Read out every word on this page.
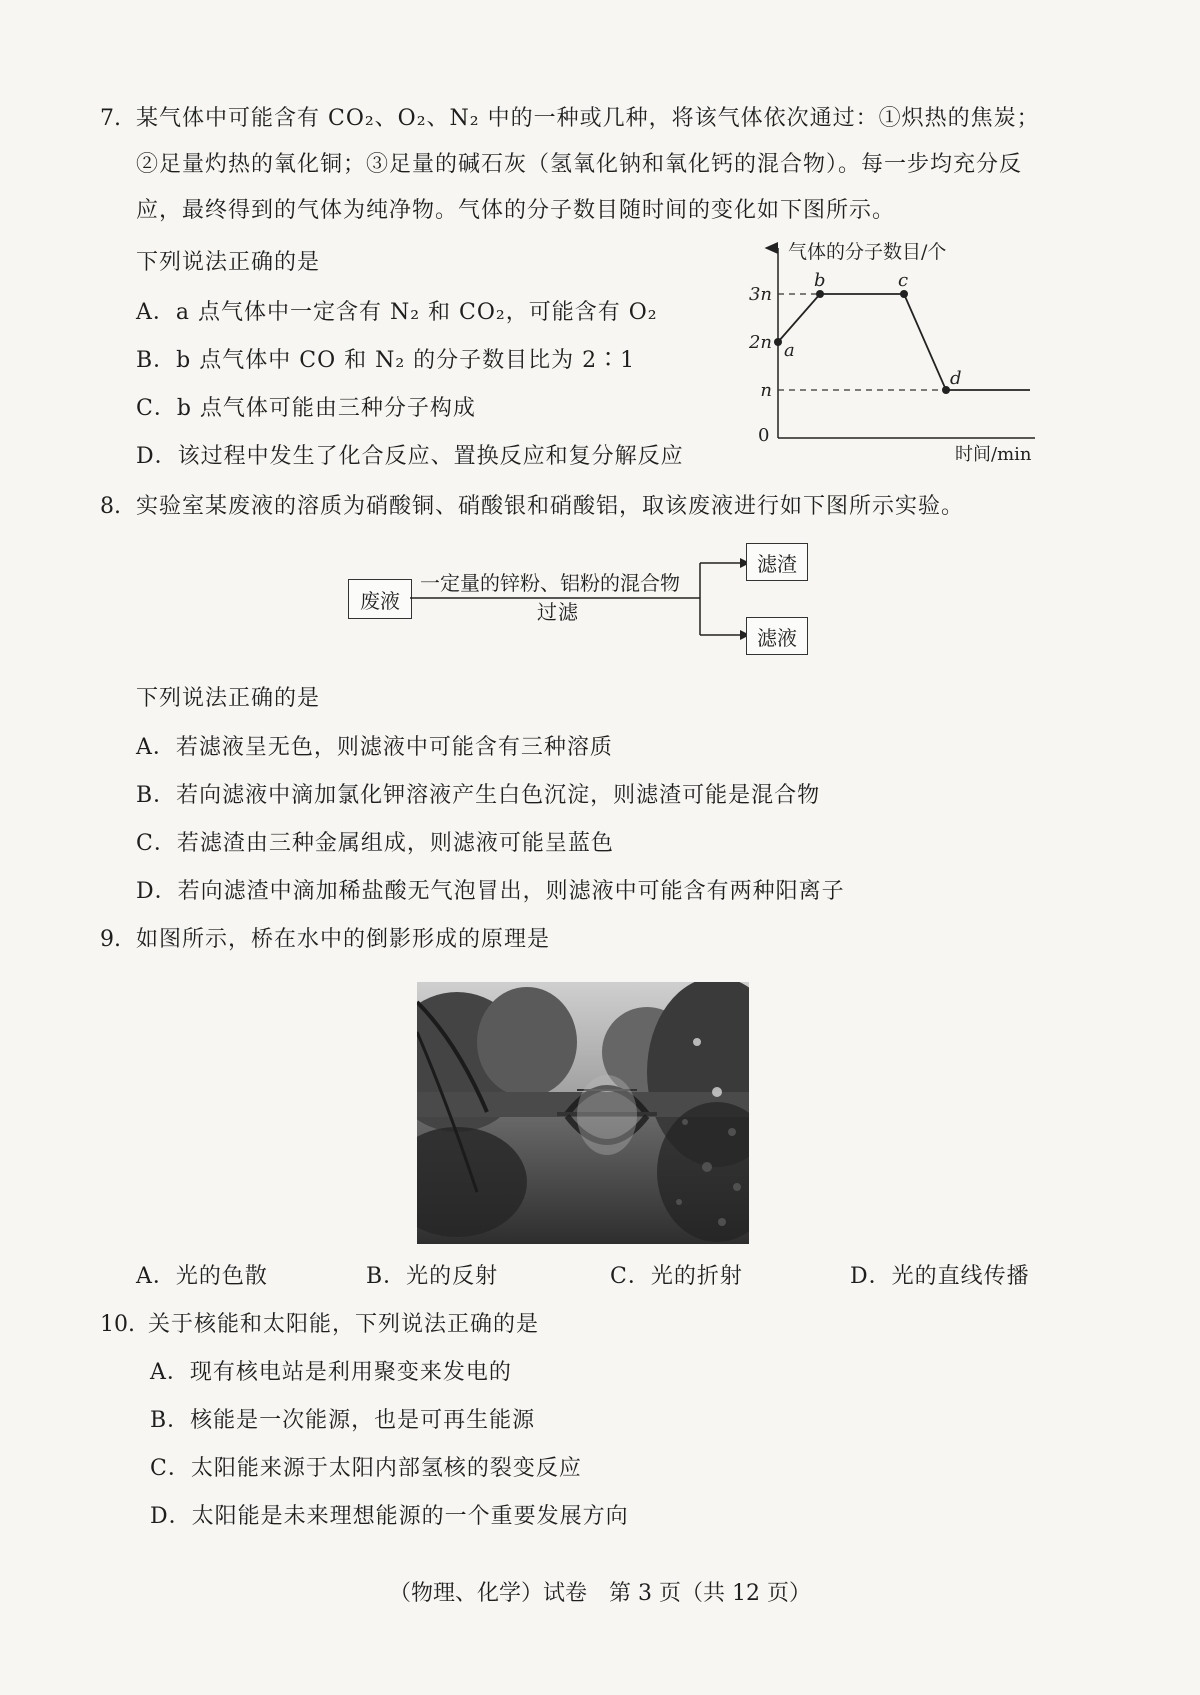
7. 某气体中可能含有 CO₂、O₂、N₂ 中的一种或几种，将该气体依次通过：①炽热的焦炭；
②足量灼热的氧化铜；③足量的碱石灰（氢氧化钠和氧化钙的混合物）。每一步均充分反
应，最终得到的气体为纯净物。气体的分子数目随时间的变化如下图所示。
下列说法正确的是
A．a 点气体中一定含有 N₂ 和 CO₂，可能含有 O₂
B．b 点气体中 CO 和 N₂ 的分子数目比为 2∶1
C．b 点气体可能由三种分子构成
D．该过程中发生了化合反应、置换反应和复分解反应
气体的分子数目/个
时间/min
0
n
2n
3n
a
b	c
d
8. 实验室某废液的溶质为硝酸铜、硝酸银和硝酸铝，取该废液进行如下图所示实验。
废液
一定量的锌粉、铝粉的混合物
过滤
滤渣
滤液
下列说法正确的是
A．若滤液呈无色，则滤液中可能含有三种溶质
B．若向滤液中滴加氯化钾溶液产生白色沉淀，则滤渣可能是混合物
C．若滤渣由三种金属组成，则滤液可能呈蓝色
D．若向滤渣中滴加稀盐酸无气泡冒出，则滤液中可能含有两种阳离子
9. 如图所示，桥在水中的倒影形成的原理是
A．光的色散	B．光的反射	C．光的折射	D．光的直线传播
10. 关于核能和太阳能，下列说法正确的是
A．现有核电站是利用聚变来发电的
B．核能是一次能源，也是可再生能源
C．太阳能来源于太阳内部氢核的裂变反应
D．太阳能是未来理想能源的一个重要发展方向
（物理、化学）试卷　第 3 页（共 12 页）
